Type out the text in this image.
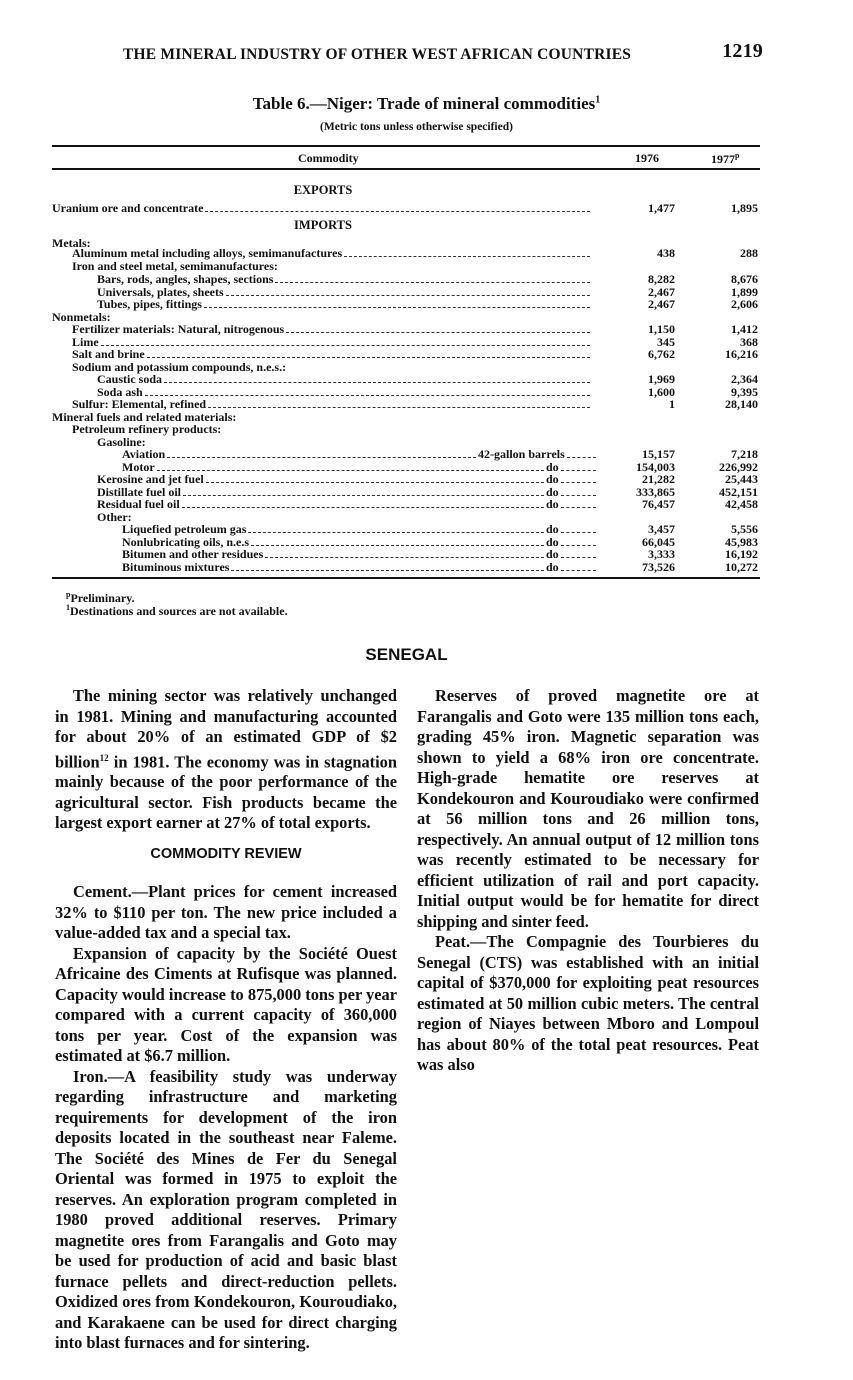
THE MINERAL INDUSTRY OF OTHER WEST AFRICAN COUNTRIES	1219
Table 6.—Niger: Trade of mineral commodities$^1$
(Metric tons unless otherwise specified)
Commodity	1976	1977$^p$
EXPORTS
IMPORTS
Uranium ore and concentrate	1,477	1,895
Metals:
Aluminum metal including alloys, semimanufactures	438	288
Iron and steel metal, semimanufactures:
Bars, rods, angles, shapes, sections	8,282	8,676
Universals, plates, sheets	2,467	1,899
Tubes, pipes, fittings	2,467	2,606
Nonmetals:
Fertilizer materials: Natural, nitrogenous	1,150	1,412
Lime	345	368
Salt and brine	6,762	16,216
Sodium and potassium compounds, n.e.s.:
Caustic soda	1,969	2,364
Soda ash	1,600	9,395
Sulfur: Elemental, refined	1	28,140
Mineral fuels and related materials:
Petroleum refinery products:
Gasoline:
Aviation	42-gallon barrels	15,157	7,218
Motor	do	154,003	226,992
Kerosine and jet fuel	do	21,282	25,443
Distillate fuel oil	do	333,865	452,151
Residual fuel oil	do	76,457	42,458
Other:
Liquefied petroleum gas	do	3,457	5,556
Nonlubricating oils, n.e.s	do	66,045	45,983
Bitumen and other residues	do	3,333	16,192
Bituminous mixtures	do	73,526	10,272
$^p$Preliminary.
$^1$Destinations and sources are not available.
SENEGAL

The mining sector was relatively unchanged in 1981. Mining and manufacturing accounted for about 20% of an estimated GDP of $2 billion$^{12}$ in 1981. The economy was in stagnation mainly because of the poor performance of the agricultural sector. Fish products became the largest export earner at 27% of total exports.

COMMODITY REVIEW

Cement.—Plant prices for cement increased 32% to $110 per ton. The new price included a value-added tax and a special tax.

Expansion of capacity by the Société Ouest Africaine des Ciments at Rufisque was planned. Capacity would increase to 875,000 tons per year compared with a current capacity of 360,000 tons per year. Cost of the expansion was estimated at $6.7 million.

Iron.—A feasibility study was underway regarding infrastructure and marketing requirements for development of the iron deposits located in the southeast near Faleme. The Société des Mines de Fer du Senegal Oriental was formed in 1975 to exploit the reserves. An exploration program completed in 1980 proved additional reserves. Primary magnetite ores from Farangalis and Goto may be used for production of acid and basic blast furnace pellets and direct-reduction pellets. Oxidized ores from Kondekouron, Kouroudiako, and Karakaene can be used for direct charging into blast furnaces and for sintering.

Reserves of proved magnetite ore at Farangalis and Goto were 135 million tons each, grading 45% iron. Magnetic separation was shown to yield a 68% iron ore concentrate. High-grade hematite ore reserves at Kondekouron and Kouroudiako were confirmed at 56 million tons and 26 million tons, respectively. An annual output of 12 million tons was recently estimated to be necessary for efficient utilization of rail and port capacity. Initial output would be for hematite for direct shipping and sinter feed.

Peat.—The Compagnie des Tourbieres du Senegal (CTS) was established with an initial capital of $370,000 for exploiting peat resources estimated at 50 million cubic meters. The central region of Niayes between Mboro and Lompoul has about 80% of the total peat resources. Peat was also
